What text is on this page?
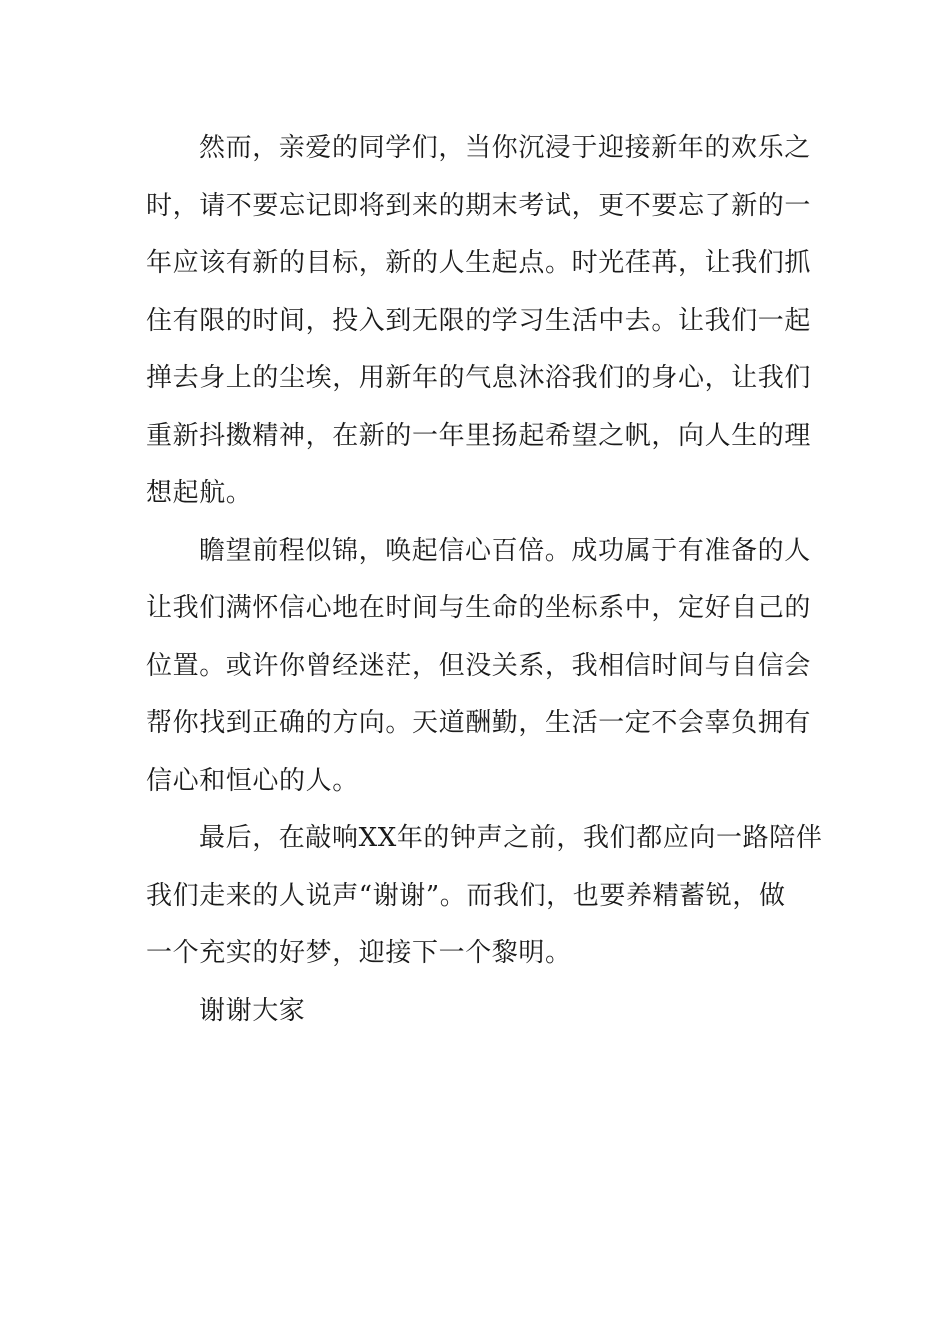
然而，亲爱的同学们，当你沉浸于迎接新年的欢乐之
时，请不要忘记即将到来的期末考试，更不要忘了新的一
年应该有新的目标，新的人生起点。时光荏苒，让我们抓
住有限的时间，投入到无限的学习生活中去。让我们一起
掸去身上的尘埃，用新年的气息沐浴我们的身心，让我们
重新抖擞精神，在新的一年里扬起希望之帆，向人生的理
想起航。

瞻望前程似锦，唤起信心百倍。成功属于有准备的人
让我们满怀信心地在时间与生命的坐标系中，定好自己的
位置。或许你曾经迷茫，但没关系，我相信时间与自信会
帮你找到正确的方向。天道酬勤，生活一定不会辜负拥有
信心和恒心的人。

最后，在敲响XX年的钟声之前，我们都应向一路陪伴
我们走来的人说声“谢谢”。而我们，也要养精蓄锐，做
一个充实的好梦，迎接下一个黎明。

谢谢大家
